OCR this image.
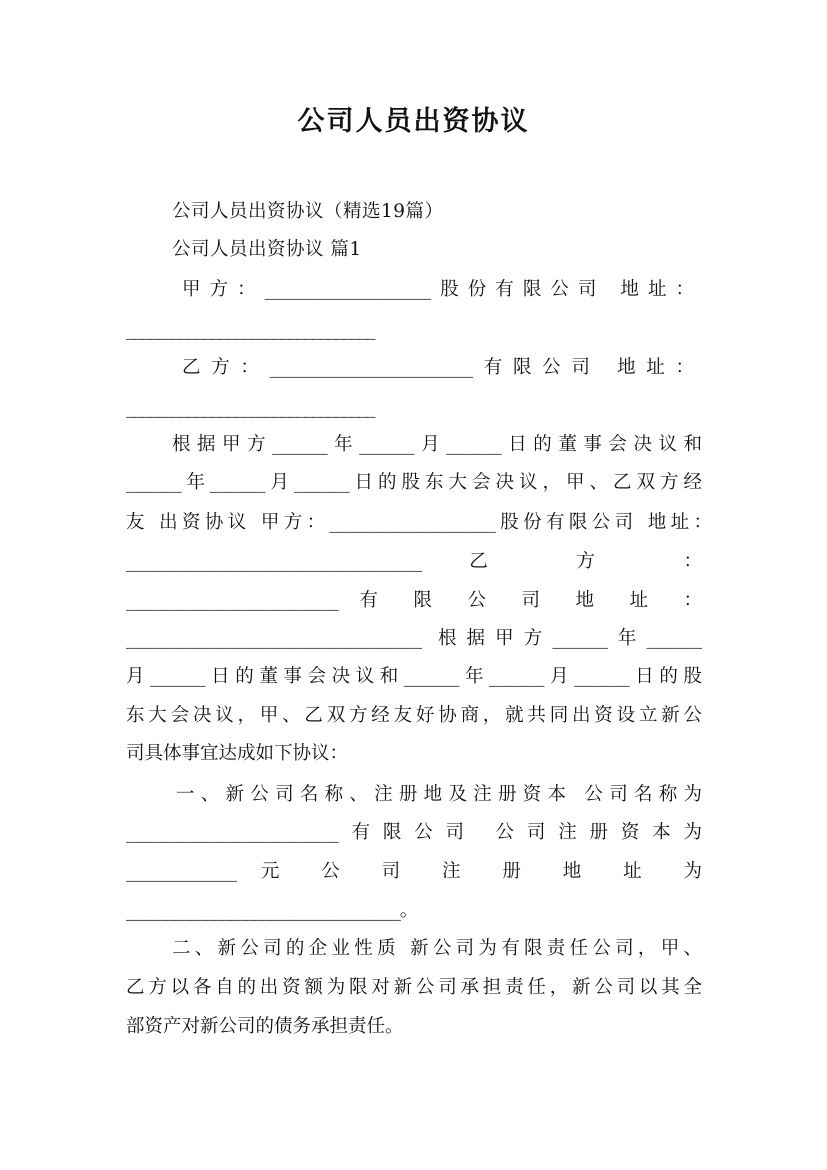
公司人员出资协议

公司人员出资协议（精选19篇）

公司人员出资协议 篇1

甲方：__________________股份有限公司 地址：

________________________________

乙方：______________________有限公司 地址：

________________________________

根据甲方______年______月______日的董事会决议和

______年______月______日的股东大会决议，甲、乙双方经

友 出资协议 甲方：__________________股份有限公司 地址：

________________________________ 乙 方 ：

_______________________ 有 限 公 司 地 址 ：

________________________________ 根据甲方______年______

月______日的董事会决议和______年______月______日的股

东大会决议，甲、乙双方经友好协商，就共同出资设立新公

司具体事宜达成如下协议：

一、新公司名称、注册地及注册资本 公司名称为

_______________________有限公司 公司注册资本为

____________ 元 公 司 注 册 地 址 为

__________________________________。

二、新公司的企业性质 新公司为有限责任公司，甲、

乙方以各自的出资额为限对新公司承担责任，新公司以其全

部资产对新公司的债务承担责任。
